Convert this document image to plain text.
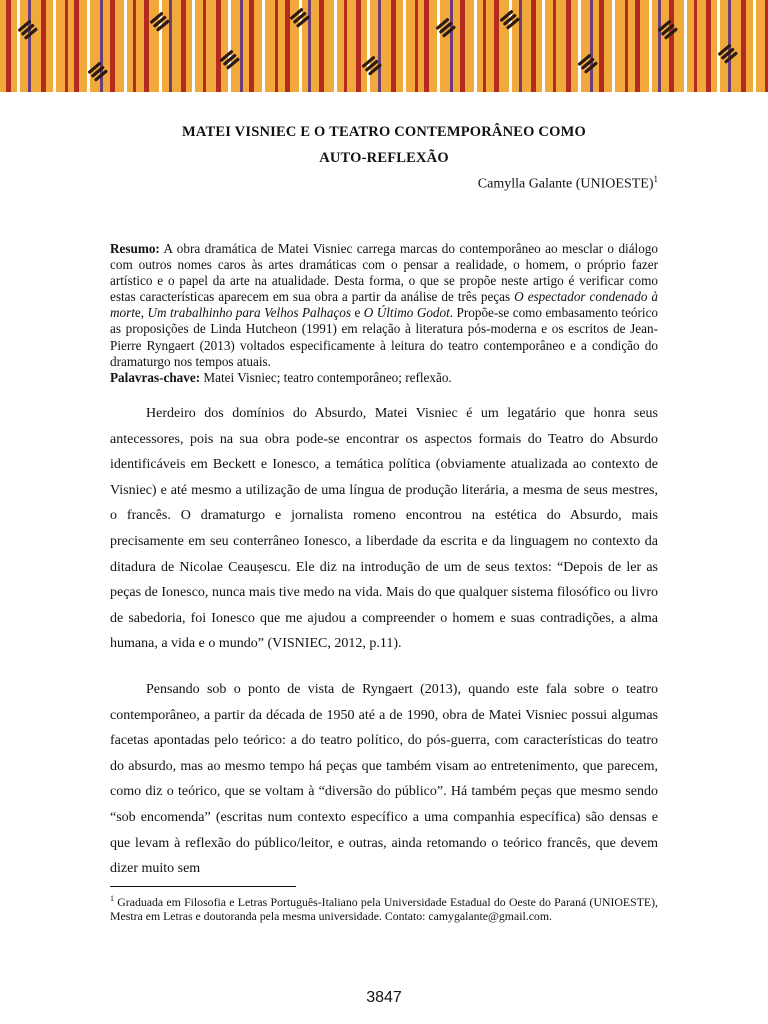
MATEI VISNIEC E O TEATRO CONTEMPORÂNEO COMO
AUTO-REFLEXÃO
Camylla Galante (UNIOESTE)$^1$
Resumo: A obra dramática de Matei Visniec carrega marcas do contemporâneo ao mesclar o diálogo com outros nomes caros às artes dramáticas com o pensar a realidade, o homem, o próprio fazer artístico e o papel da arte na atualidade. Desta forma, o que se propõe neste artigo é verificar como estas características aparecem em sua obra a partir da análise de três peças O espectador condenado à morte, Um trabalhinho para Velhos Palhaços e O Último Godot. Propõe-se como embasamento teórico as proposições de Linda Hutcheon (1991) em relação à literatura pós-moderna e os escritos de Jean-Pierre Ryngaert (2013) voltados especificamente à leitura do teatro contemporâneo e a condição do dramaturgo nos tempos atuais.
Palavras-chave: Matei Visniec; teatro contemporâneo; reflexão.

Herdeiro dos domínios do Absurdo, Matei Visniec é um legatário que honra seus antecessores, pois na sua obra pode-se encontrar os aspectos formais do Teatro do Absurdo identificáveis em Beckett e Ionesco, a temática política (obviamente atualizada ao contexto de Visniec) e até mesmo a utilização de uma língua de produção literária, a mesma de seus mestres, o francês. O dramaturgo e jornalista romeno encontrou na estética do Absurdo, mais precisamente em seu conterrâneo Ionesco, a liberdade da escrita e da linguagem no contexto da ditadura de Nicolae Ceaușescu. Ele diz na introdução de um de seus textos: “Depois de ler as peças de Ionesco, nunca mais tive medo na vida. Mais do que qualquer sistema filosófico ou livro de sabedoria, foi Ionesco que me ajudou a compreender o homem e suas contradições, a alma humana, a vida e o mundo” (VISNIEC, 2012, p.11).

Pensando sob o ponto de vista de Ryngaert (2013), quando este fala sobre o teatro contemporâneo, a partir da década de 1950 até a de 1990, obra de Matei Visniec possui algumas facetas apontadas pelo teórico: a do teatro político, do pós-guerra, com características do teatro do absurdo, mas ao mesmo tempo há peças que também visam ao entretenimento, que parecem, como diz o teórico, que se voltam à “diversão do público”. Há também peças que mesmo sendo “sob encomenda” (escritas num contexto específico a uma companhia específica) são densas e que levam à reflexão do público/leitor, e outras, ainda retomando o teórico francês, que devem dizer muito sem

$^1$ Graduada em Filosofia e Letras Português-Italiano pela Universidade Estadual do Oeste do Paraná (UNIOESTE), Mestra em Letras e doutoranda pela mesma universidade. Contato: camygalante@gmail.com.
3847
